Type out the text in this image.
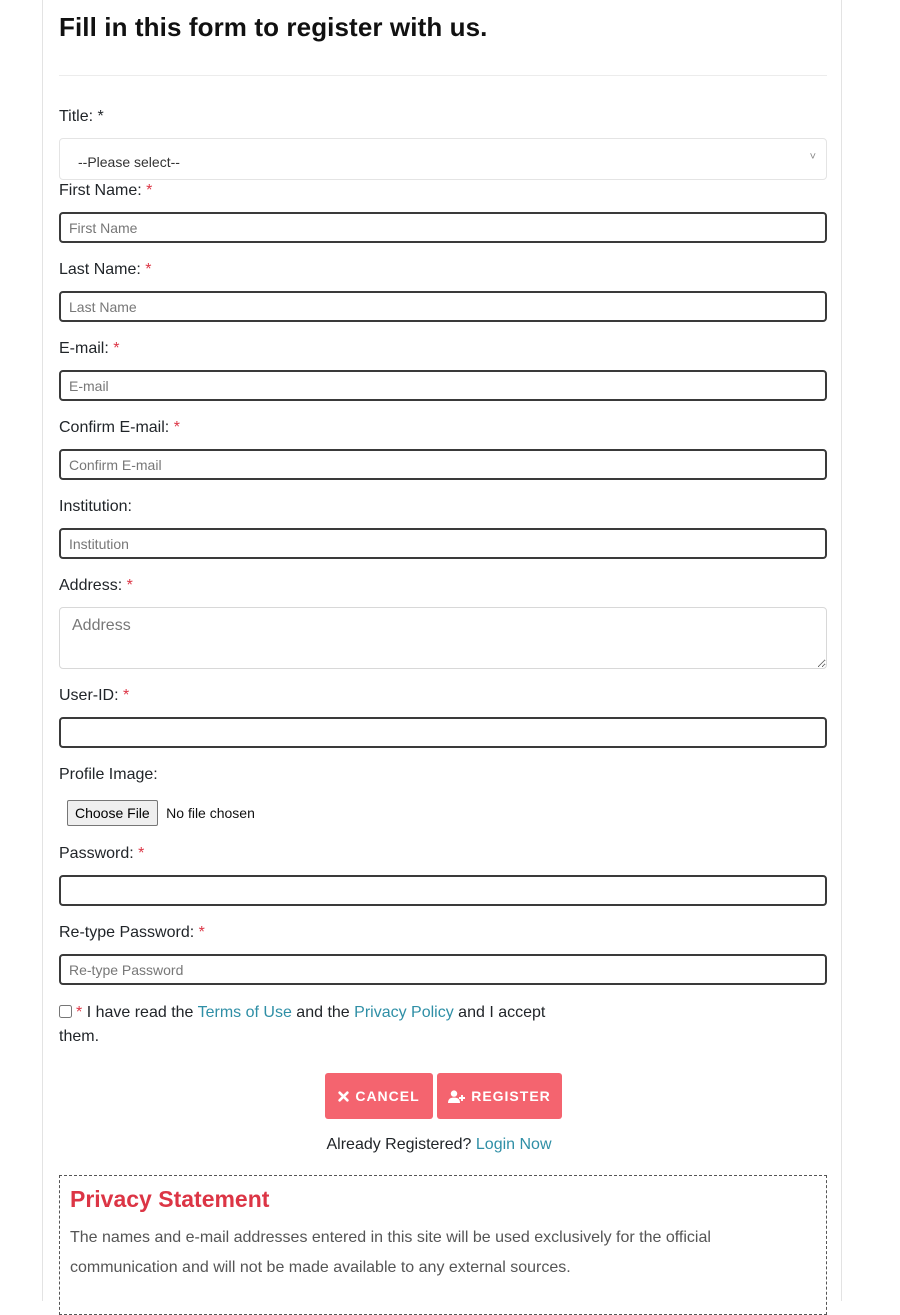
Fill in this form to register with us.
Title: *
--Please select--	˅
First Name: *
First Name
Last Name: *
Last Name
E-mail: *
E-mail
Confirm E-mail: *
Confirm E-mail
Institution:
Institution
Address: *
Address
User-ID: *
Profile Image:
Choose File No file chosen
Password: *
Re-type Password: *
* I have read the Terms of Use and the Privacy Policy and I accept them.
CANCEL	REGISTER
Already Registered? Login Now
Privacy Statement

The names and e-mail addresses entered in this site will be used exclusively for the official communication and will not be made available to any external sources.
